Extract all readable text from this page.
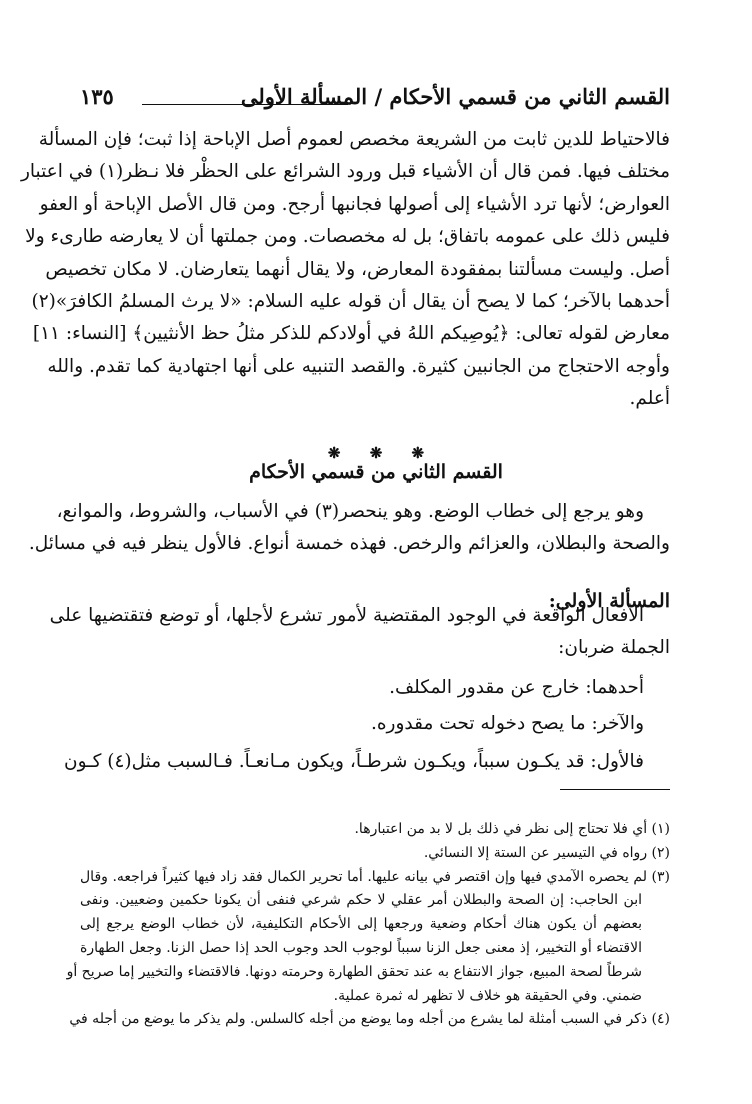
القسم الثاني من قسمي الأحكام / المسألة الأولى
١٣٥
فالاحتياط للدين ثابت من الشريعة مخصص لعموم أصل الإباحة إذا ثبت؛ فإن المسألة
مختلف فيها. فمن قال أن الأشياء قبل ورود الشرائع على الحظْر فلا نـظر(١) في اعتبار
العوارض؛ لأنها ترد الأشياء إلى أصولها فجانبها أرجح. ومن قال الأصل الإباحة أو العفو
فليس ذلك على عمومه باتفاق؛ بل له مخصصات. ومن جملتها أن لا يعارضه طارىء ولا
أصل. وليست مسألتنا بمفقودة المعارض، ولا يقال أنهما يتعارضان. لا مكان تخصيص
أحدهما بالآخر؛ كما لا يصح أن يقال أن قوله عليه السلام: «لا يرث المسلمُ الكافرَ»(٢)
معارض لقوله تعالى: ﴿يُوصِيكم اللهُ في أولادكم للذكر مثلُ حظ الأنثيين﴾ [النساء: ١١]
وأوجه الاحتجاج من الجانبين كثيرة. والقصد التنبيه على أنها اجتهادية كما تقدم. والله
أعلم.
❋ ❋ ❋
القسم الثاني من قسمي الأحكام
وهو يرجع إلى خطاب الوضع. وهو ينحصر(٣) في الأسباب، والشروط، والموانع،
والصحة والبطلان، والعزائم والرخص. فهذه خمسة أنواع. فالأول ينظر فيه في مسائل.
المسألة الأولى:
الأفعال الواقعة في الوجود المقتضية لأمور تشرع لأجلها، أو توضع فتقتضيها على
الجملة ضربان:
أحدهما: خارج عن مقدور المكلف.
والآخر: ما يصح دخوله تحت مقدوره.
فالأول: قد يكـون سبباً، ويكـون شرطـاً، ويكون مـانعـاً. فـالسبب مثل(٤) كـون
(١) أي فلا تحتاج إلى نظر في ذلك بل لا بد من اعتبارها.
(٢) رواه في التيسير عن الستة إلا النسائي.
(٣) لم يحصره الآمدي فيها وإن اقتصر في بيانه عليها. أما تحرير الكمال فقد زاد فيها كثيراً فراجعه. وقال
ابن الحاجب: إن الصحة والبطلان أمر عقلي لا حكم شرعي فنفى أن يكونا حكمين وضعيين. ونفى
بعضهم أن يكون هناك أحكام وضعية ورجعها إلى الأحكام التكليفية، لأن خطاب الوضع يرجع إلى
الاقتضاء أو التخيير، إذ معنى جعل الزنا سبباً لوجوب الحد وجوب الحد إذا حصل الزنا. وجعل الطهارة
شرطاً لصحة المبيع، جواز الانتفاع به عند تحقق الطهارة وحرمته دونها. فالاقتضاء والتخيير إما صريح أو
ضمني. وفي الحقيقة هو خلاف لا تظهر له ثمرة عملية.
(٤) ذكر في السبب أمثلة لما يشرع من أجله وما يوضع من أجله كالسلس. ولم يذكر ما يوضع من أجله في
